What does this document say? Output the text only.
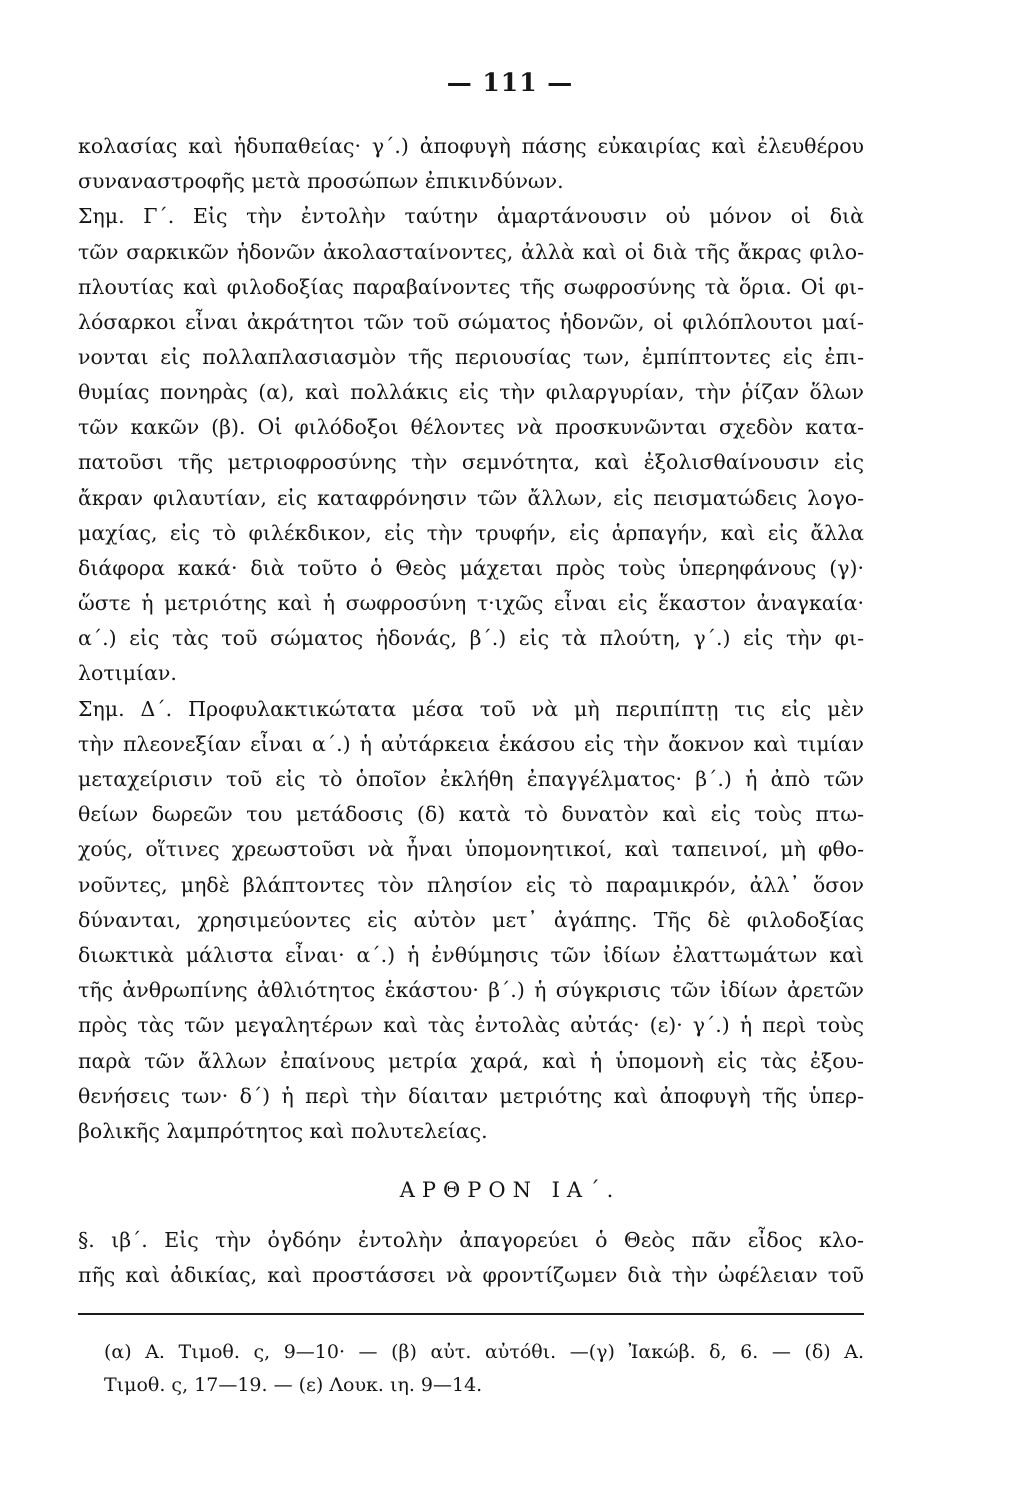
— 111 —
κολασίας καὶ ἡδυπαθείας· γ΄.) ἀποφυγὴ πάσης εὐκαιρίας καὶ ἐλευθέρου
συναναστροφῆς μετὰ προσώπων ἐπικινδύνων.
Σημ. Γ΄. Εἰς τὴν ἐντολὴν ταύτην ἁμαρτάνουσιν οὐ μόνον οἱ διὰ
τῶν σαρκικῶν ἡδονῶν ἀκολασταίνοντες, ἀλλὰ καὶ οἱ διὰ τῆς ἄκρας φιλο-
πλουτίας καὶ φιλοδοξίας παραβαίνοντες τῆς σωφροσύνης τὰ ὅρια. Οἱ φι-
λόσαρκοι εἶναι ἀκράτητοι τῶν τοῦ σώματος ἡδονῶν, οἱ φιλόπλουτοι μαί-
νονται εἰς πολλαπλασιασμὸν τῆς περιουσίας των, ἐμπίπτοντες εἰς ἐπι-
θυμίας πονηρὰς (α), καὶ πολλάκις εἰς τὴν φιλαργυρίαν, τὴν ῥίζαν ὅλων
τῶν κακῶν (β). Οἱ φιλόδοξοι θέλοντες νὰ προσκυνῶνται σχεδὸν κατα-
πατοῦσι τῆς μετριοφροσύνης τὴν σεμνότητα, καὶ ἐξολισθαίνουσιν εἰς
ἄκραν φιλαυτίαν, εἰς καταφρόνησιν τῶν ἄλλων, εἰς πεισματώδεις λογο-
μαχίας, εἰς τὸ φιλέκδικον, εἰς τὴν τρυφήν, εἰς ἁρπαγήν, καὶ εἰς ἄλλα
διάφορα κακά· διὰ τοῦτο ὁ Θεὸς μάχεται πρὸς τοὺς ὑπερηφάνους (γ)·
ὥστε ἡ μετριότης καὶ ἡ σωφροσύνη τ·ιχῶς εἶναι εἰς ἕκαστον ἀναγκαία·
α΄.) εἰς τὰς τοῦ σώματος ἡδονάς, β΄.) εἰς τὰ πλούτη, γ΄.) εἰς τὴν φι-
λοτιμίαν.
Σημ. Δ΄. Προφυλακτικώτατα μέσα τοῦ νὰ μὴ περιπίπτῃ τις εἰς μὲν
τὴν πλεονεξίαν εἶναι α΄.) ἡ αὐτάρκεια ἑκάσου εἰς τὴν ἄοκνον καὶ τιμίαν
μεταχείρισιν τοῦ εἰς τὸ ὁποῖον ἐκλήθη ἐπαγγέλματος· β΄.) ἡ ἀπὸ τῶν
θείων δωρεῶν του μετάδοσις (δ) κατὰ τὸ δυνατὸν καὶ εἰς τοὺς πτω-
χούς, οἵτινες χρεωστοῦσι νὰ ἦναι ὑπομονητικοί, καὶ ταπεινοί, μὴ φθο-
νοῦντες, μηδὲ βλάπτοντες τὸν πλησίον εἰς τὸ παραμικρόν, ἀλλ᾿ ὅσον
δύνανται, χρησιμεύοντες εἰς αὐτὸν μετ᾿ ἀγάπης. Τῆς δὲ φιλοδοξίας
διωκτικὰ μάλιστα εἶναι· α΄.) ἡ ἐνθύμησις τῶν ἰδίων ἐλαττωμάτων καὶ
τῆς ἀνθρωπίνης ἀθλιότητος ἑκάστου· β΄.) ἡ σύγκρισις τῶν ἰδίων ἀρετῶν
πρὸς τὰς τῶν μεγαλητέρων καὶ τὰς ἐντολὰς αὐτάς· (ε)· γ΄.) ἡ περὶ τοὺς
παρὰ τῶν ἄλλων ἐπαίνους μετρία χαρά, καὶ ἡ ὑπομονὴ εἰς τὰς ἐξου-
θενήσεις των· δ΄) ἡ περὶ τὴν δίαιταν μετριότης καὶ ἀποφυγὴ τῆς ὑπερ-
βολικῆς λαμπρότητος καὶ πολυτελείας.
ΑΡΘΡΟΝ ΙΑ΄.
§. ιβ΄. Εἰς τὴν ὀγδόην ἐντολὴν ἀπαγορεύει ὁ Θεὸς πᾶν εἶδος κλο-
πῆς καὶ ἀδικίας, καὶ προστάσσει νὰ φροντίζωμεν διὰ τὴν ὠφέλειαν τοῦ
(α) Α. Τιμοθ. ς, 9—10· — (β) αὐτ. αὐτόθι. —(γ) Ἰακώβ. δ, 6. — (δ) Α.
Τιμοθ. ς, 17—19. — (ε) Λουκ. ιη. 9—14.
